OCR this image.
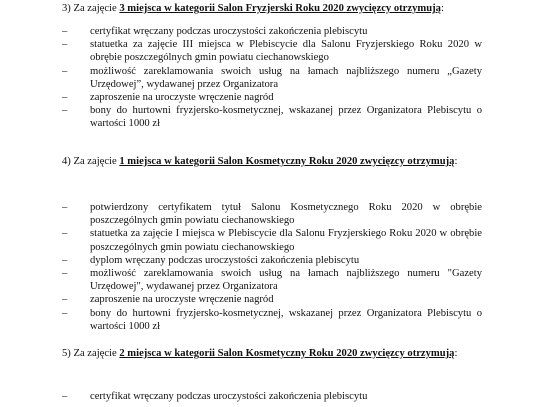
3) Za zajęcie 3 miejsca w kategorii Salon Fryzjerski Roku 2020 zwycięzcy otrzymują:
– certyfikat wręczany podczas uroczystości zakończenia plebiscytu
– statuetka za zajęcie III miejsca w Plebiscycie dla Salonu Fryzjerskiego Roku 2020 w obrębie poszczególnych gmin powiatu ciechanowskiego
– możliwość zareklamowania swoich usług na łamach najbliższego numeru „Gazety Urzędowej”, wydawanej przez Organizatora
– zaproszenie na uroczyste wręczenie nagród
– bony do hurtowni fryzjersko-kosmetycznej, wskazanej przez Organizatora Plebiscytu o wartości 1000 zł
4) Za zajęcie 1 miejsca w kategorii Salon Kosmetyczny Roku 2020 zwycięzcy otrzymują:
– potwierdzony certyfikatem tytuł Salonu Kosmetycznego Roku 2020 w obrębie poszczególnych gmin powiatu ciechanowskiego
– statuetka za zajęcie I miejsca w Plebiscycie dla Salonu Fryzjerskiego Roku 2020 w obrębie poszczególnych gmin powiatu ciechanowskiego
– dyplom wręczany podczas uroczystości zakończenia plebiscytu
– możliwość zareklamowania swoich usług na łamach najbliższego numeru "Gazety Urzędowej", wydawanej przez Organizatora
– zaproszenie na uroczyste wręczenie nagród
– bony do hurtowni fryzjersko-kosmetycznej, wskazanej przez Organizatora Plebiscytu o wartości 1000 zł
5) Za zajęcie 2 miejsca w kategorii Salon Kosmetyczny Roku 2020 zwycięzcy otrzymują:
– certyfikat wręczany podczas uroczystości zakończenia plebiscytu
